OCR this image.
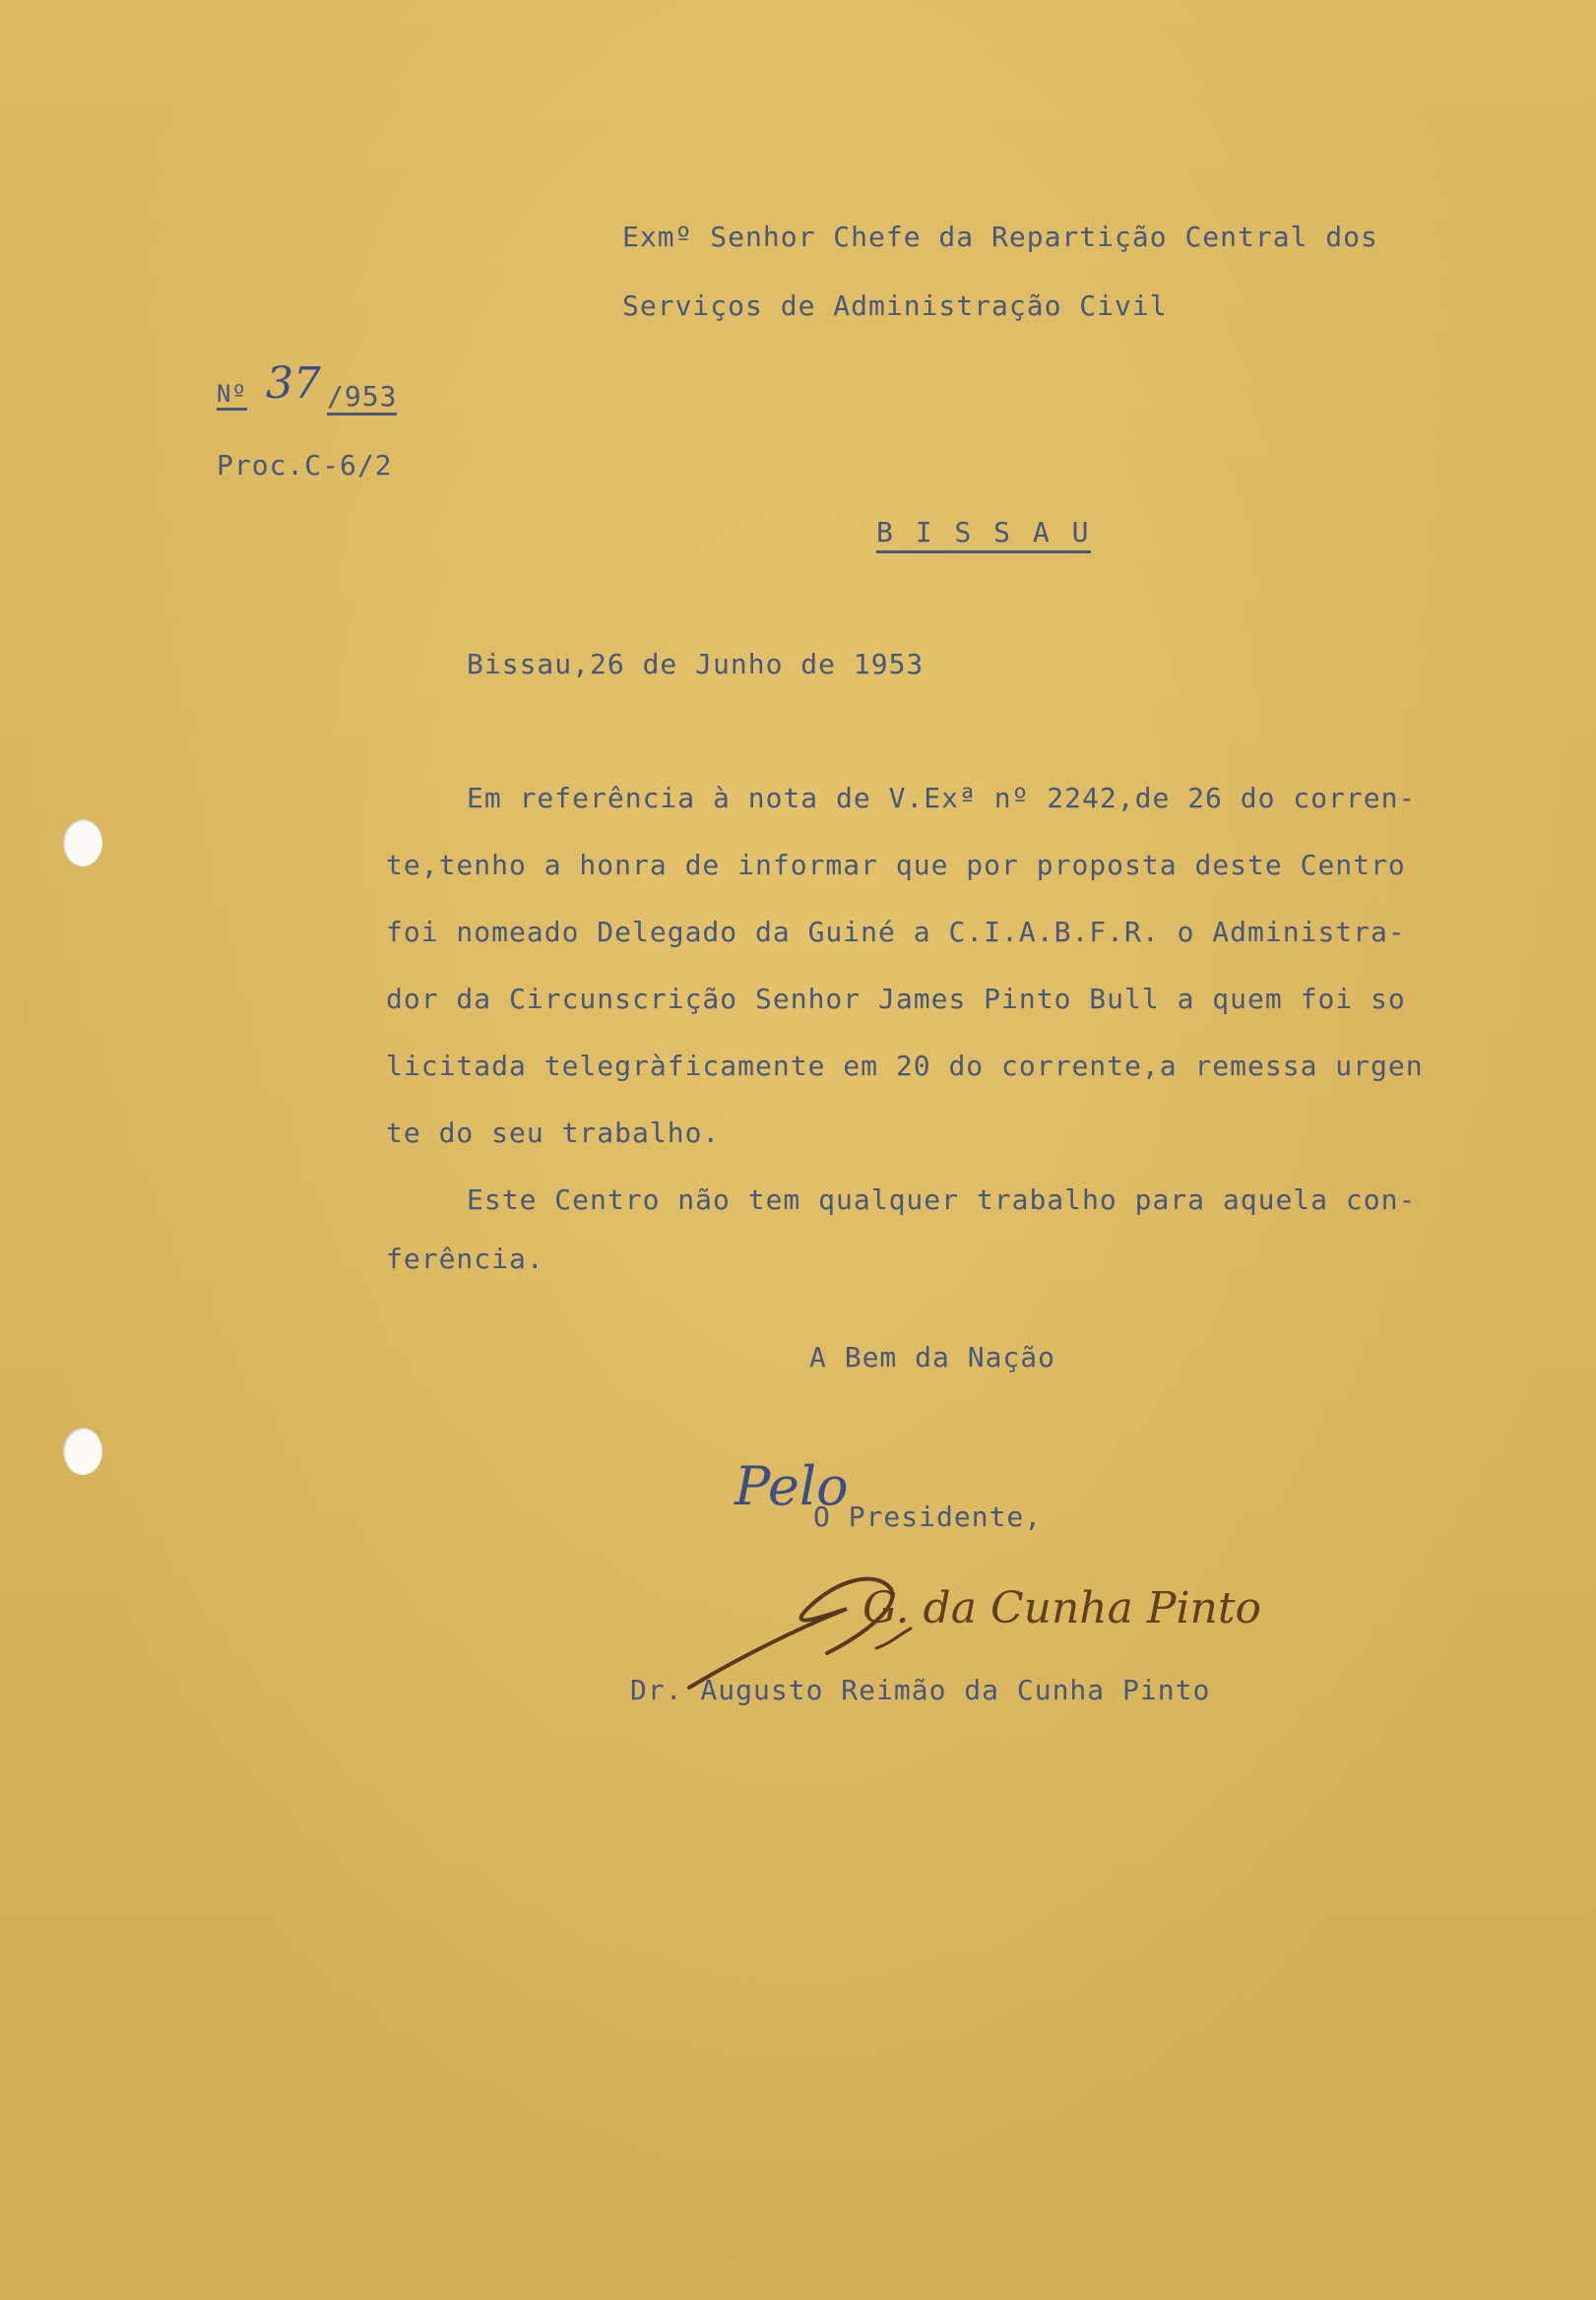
Exmº Senhor Chefe da Repartição Central dos

Serviços de Administração Civil

Nº 37 /953

Proc.C-6/2

B I S S A U

Bissau,26 de Junho de 1953

Em referência à nota de V.Exª nº 2242,de 26 do corren-

te,tenho a honra de informar que por proposta deste Centro

foi nomeado Delegado da Guiné a C.I.A.B.F.R. o Administra-

dor da Circunscrição Senhor James Pinto Bull a quem foi so

licitada telegràficamente em 20 do corrente,a remessa urgen

te do seu trabalho.

Este Centro não tem qualquer trabalho para aquela con-

ferência.

A Bem da Nação

Pelo

O Presidente,

G. da Cunha Pinto

Dr. Augusto Reimão da Cunha Pinto
